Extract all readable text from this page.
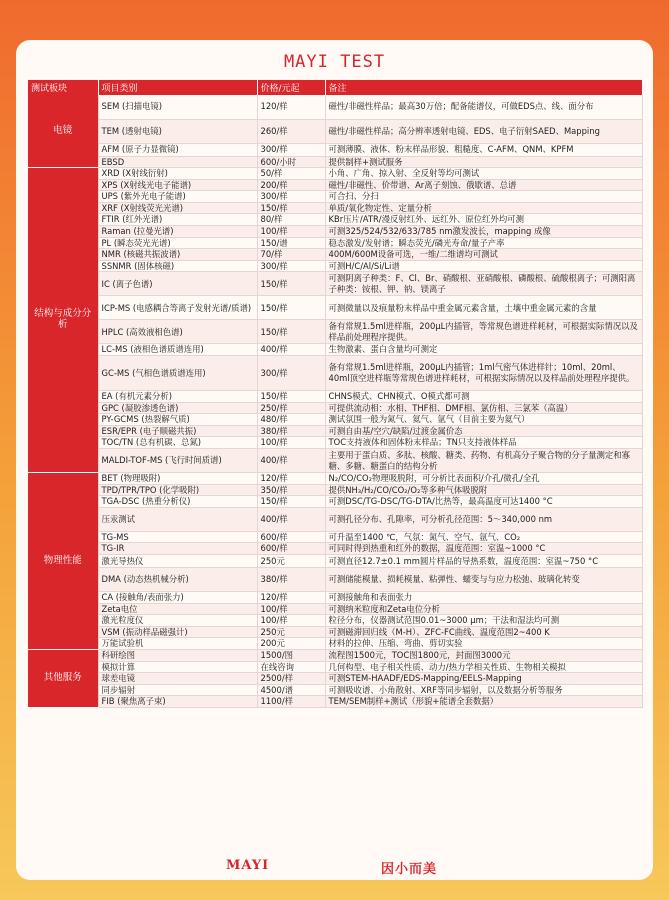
MAYI TEST
测试板块	项目类别	价格/元起	备注
电镜	SEM (扫描电镜)	120/样	磁性/非磁性样品；最高30万倍；配备能谱仪，可做EDS点、线、面分布
	TEM (透射电镜)	260/样	磁性/非磁性样品；高分辨率透射电镜、EDS、电子衍射SAED、Mapping
	AFM (原子力显微镜)	300/样	可测薄膜、液体、粉末样品形貌、粗糙度、C-AFM、QNM、KPFM
	EBSD	600/小时	提供制样+测试服务
结构与成分分析	XRD (X射线衍射)	50/样	小角、广角、掠入射、全反射等均可测试
	XPS (X射线光电子能谱)	200/样	磁性/非磁性、价带谱、Ar离子刻蚀、俄歇谱、总谱
	UPS (紫外光电子能谱)	300/样	可合扫、分扫
	XRF (X射线荧光光谱)	150/样	单质/氧化物定性、定量分析
	FTIR (红外光谱)	80/样	KBr压片/ATR/漫反射红外、远红外、原位红外均可测
	Raman (拉曼光谱)	100/样	可测325/524/532/633/785 nm激发波长，mapping 成像
	PL (瞬态荧光光谱)	150/谱	稳态激发/发射谱；瞬态荧光/磷光寿命/量子产率
	NMR (核磁共振波谱)	70/样	400M/600M设备可选，一维/二维谱均可测试
	SSNMR (固体核磁)	300/样	可测H/C/Al/Si/Li谱
	IC (离子色谱)	150/样	可测阴离子种类：F、Cl、Br、硝酸根、亚硝酸根、磷酸根、硫酸根离子；可测阳离子种类：铵根、钾、钠、镁离子
	ICP-MS (电感耦合等离子发射光谱/质谱)	150/样	可测微量以及痕量粉末样品中重金属元素含量，土壤中重金属元素的含量
	HPLC (高效液相色谱)	150/样	备有常规1.5ml进样瓶，200μL内插管，等常规色谱进样耗材，可根据实际情况以及样品前处理程序提供。
	LC-MS (液相色谱质谱连用)	400/样	生物激素、蛋白含量均可测定
	GC-MS (气相色谱质谱连用)	300/样	备有常规1.5ml进样瓶，200μL内插管；1ml气密气体进样针；10ml、20ml、40ml顶空进样瓶等常规色谱进样耗材，可根据实际情况以及样品前处理程序提供。
	EA (有机元素分析)	150/样	CHNS模式、CHN模式、O模式都可测
	GPC (凝胶渗透色谱)	250/样	可提供流动相：水相、THF相、DMF相、氯仿相、三氯苯（高温）
	PY-GCMS (热裂解气质)	480/样	测试氛围一般为氮气、氦气、氩气（目前主要为氦气）
	ESR/EPR (电子顺磁共振)	380/样	可测自由基/空穴/缺陷/过渡金属价态
	TOC/TN (总有机碳、总氮)	100/样	TOC支持液体和固体粉末样品；TN只支持液体样品
	MALDI-TOF-MS (飞行时间质谱)	400/样	主要用于蛋白质、多肽、核酸、糖类、药物、有机高分子聚合物的分子量测定和寡糖、多糖、糖蛋白的结构分析
物理性能	BET (物理吸附)	120/样	N₂/CO/CO₂物理吸脱附，可分析比表面积/介孔/微孔/全孔
	TPD/TPR/TPO (化学吸附)	350/样	提供NH₃/H₂/CO/CO₂/O₂等多种气体吸脱附
	TGA-DSC (热重分析仪)	150/样	可测DSC/TG-DSC/TG-DTA/比热等，最高温度可达1400 °C
	压汞测试	400/样	可测孔径分布、孔隙率，可分析孔径范围：5～340,000 nm
	TG-MS	600/样	可升温至1400 ℃，气氛：氮气、空气、氩气、CO₂
	TG-IR	600/样	可同时得到热重和红外的数据，温度范围：室温~1000 °C
	激光导热仪	250元	可测直径12.7±0.1 mm圆片样品的导热系数，温度范围：室温~750 °C
	DMA (动态热机械分析)	380/样	可测储能模量、损耗模量、粘弹性、蠕变与与应力松弛、玻璃化转变
	CA (接触角/表面张力)	120/样	可测接触角和表面张力
	Zeta电位	100/样	可测纳米粒度和Zeta电位分析
	激光粒度仪	100/样	粒径分布，仪器测试范围0.01~3000 μm；干法和湿法均可测
	VSM (振动样品磁强计)	250元	可测磁滞回归线（M-H）、ZFC-FC曲线、温度范围2~400 K
	万能试验机	200元	材料的拉伸、压缩、弯曲、剪切实验
其他服务	科研绘图	1500/图	流程图1500元，TOC图1800元，封面图3000元
	模拟计算	在线咨询	几何构型、电子相关性质、动力/热力学相关性质、生物相关模拟
	球差电镜	2500/样	可测STEM-HAADF/EDS-Mapping/EELS-Mapping
	同步辐射	4500/谱	可测吸收谱、小角散射、XRF等同步辐射，以及数据分析等服务
	FIB (聚焦离子束)	1100/样	TEM/SEM制样+测试（形貌+能谱全套数据）
MAYI	因小而美
